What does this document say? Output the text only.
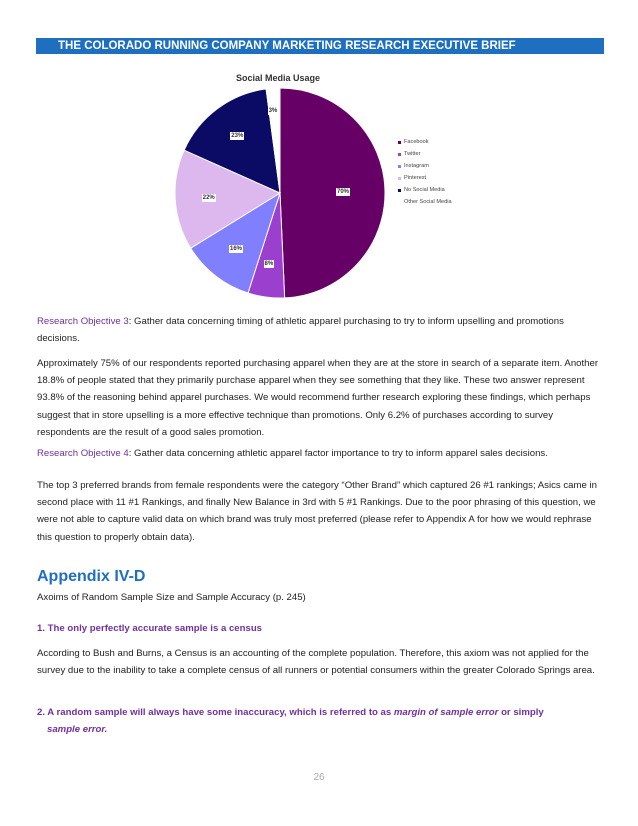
THE COLORADO RUNNING COMPANY MARKETING RESEARCH EXECUTIVE BRIEF
Social Media Usage
70%
8%
16%
22%
23%
3%
Facebook
Twitter
Instagram
Pinterest
No Social Media
Other Social Media
Research Objective 3: Gather data concerning timing of athletic apparel purchasing to try to inform upselling and promotions decisions.
Approximately 75% of our respondents reported purchasing apparel when they are at the store in search of a separate item. Another 18.8% of people stated that they primarily purchase apparel when they see something that they like. These two answer represent 93.8% of the reasoning behind apparel purchases. We would recommend further research exploring these findings, which perhaps suggest that in store upselling is a more effective technique than promotions. Only 6.2% of purchases according to survey respondents are the result of a good sales promotion.
Research Objective 4: Gather data concerning athletic apparel factor importance to try to inform apparel sales decisions.
The top 3 preferred brands from female respondents were the category “Other Brand” which captured 26 #1 rankings; Asics came in second place with 11 #1 Rankings, and finally New Balance in 3rd with 5 #1 Rankings. Due to the poor phrasing of this question, we were not able to capture valid data on which brand was truly most preferred (please refer to Appendix A for how we would rephrase this question to properly obtain data).
Appendix IV-D
Axoims of Random Sample Size and Sample Accuracy (p. 245)
1. The only perfectly accurate sample is a census
According to Bush and Burns, a Census is an accounting of the complete population. Therefore, this axiom was not applied for the survey due to the inability to take a complete census of all runners or potential consumers within the greater Colorado Springs area.
2. A random sample will always have some inaccuracy, which is referred to as margin of sample error or simply
sample error.
26
